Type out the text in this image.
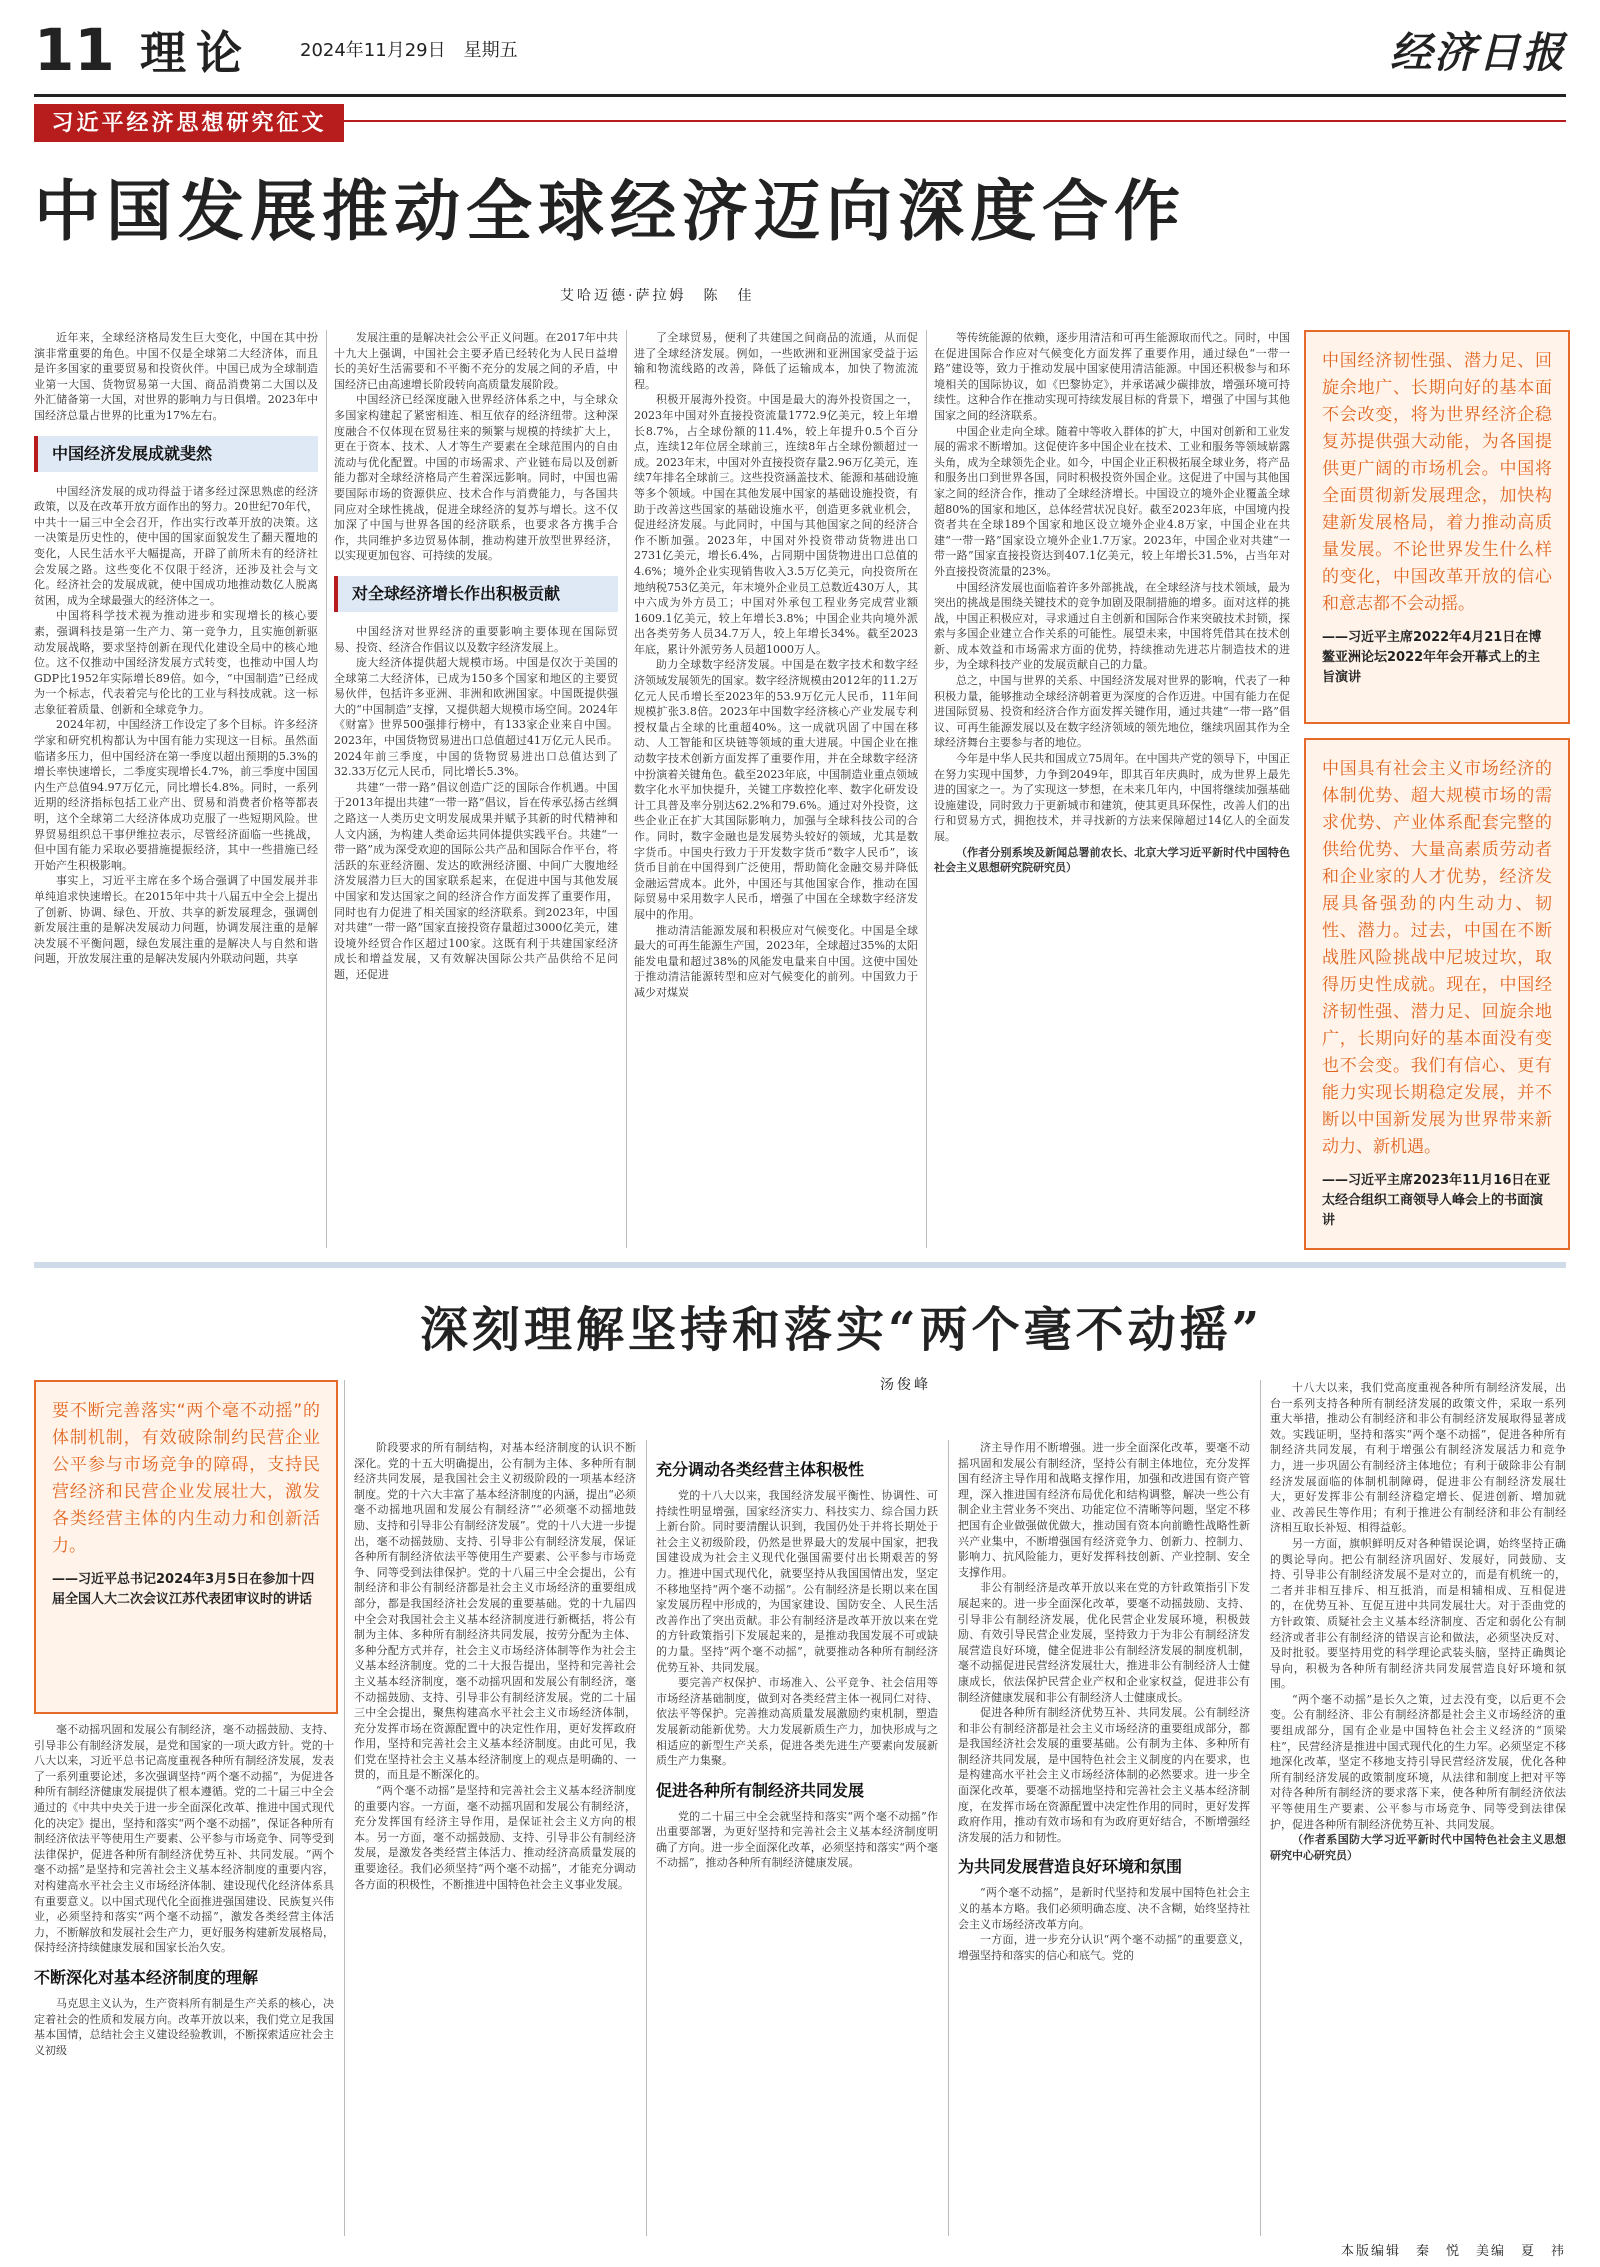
11 理论	2024年11月29日　星期五	经济日报
习近平经济思想研究征文
中国发展推动全球经济迈向深度合作
艾哈迈德·萨拉姆　陈　佳

近年来，全球经济格局发生巨大变化，中国在其中扮演非常重要的角色。中国不仅是全球第二大经济体，而且是许多国家的重要贸易和投资伙伴。中国已成为全球制造业第一大国、货物贸易第一大国、商品消费第二大国以及外汇储备第一大国，对世界的影响力与日俱增。2023年中国经济总量占世界的比重为17%左右。

中国经济发展成就斐然

中国经济发展的成功得益于诸多经过深思熟虑的经济政策，以及在改革开放方面作出的努力。20世纪70年代，中共十一届三中全会召开，作出实行改革开放的决策。这一决策是历史性的，使中国的国家面貌发生了翻天覆地的变化，人民生活水平大幅提高，开辟了前所未有的经济社会发展之路。这些变化不仅限于经济，还涉及社会与文化。经济社会的发展成就，使中国成功地推动数亿人脱离贫困，成为全球最强大的经济体之一。

中国将科学技术视为推动进步和实现增长的核心要素，强调科技是第一生产力、第一竞争力，且实施创新驱动发展战略，要求坚持创新在现代化建设全局中的核心地位。这不仅推动中国经济发展方式转变，也推动中国人均GDP比1952年实际增长89倍。如今，“中国制造”已经成为一个标志，代表着完与伦比的工业与科技成就。这一标志象征着质量、创新和全球竞争力。

2024年初，中国经济工作设定了多个目标。许多经济学家和研究机构都认为中国有能力实现这一目标。虽然面临诸多压力，但中国经济在第一季度以超出预期的5.3%的增长率快速增长，二季度实现增长4.7%，前三季度中国国内生产总值94.97万亿元，同比增长4.8%。同时，一系列近期的经济指标包括工业产出、贸易和消费者价格等都表明，这个全球第二大经济体成功克服了一些短期风险。世界贸易组织总干事伊维拉表示，尽管经济面临一些挑战，但中国有能力采取必要措施提振经济，其中一些措施已经开始产生积极影响。

事实上，习近平主席在多个场合强调了中国发展并非单纯追求快速增长。在2015年中共十八届五中全会上提出了创新、协调、绿色、开放、共享的新发展理念，强调创新发展注重的是解决发展动力问题，协调发展注重的是解决发展不平衡问题，绿色发展注重的是解决人与自然和谐问题，开放发展注重的是解决发展内外联动问题，共享

发展注重的是解决社会公平正义问题。在2017年中共十九大上强调，中国社会主要矛盾已经转化为人民日益增长的美好生活需要和不平衡不充分的发展之间的矛盾，中国经济已由高速增长阶段转向高质量发展阶段。

中国经济已经深度融入世界经济体系之中，与全球众多国家构建起了紧密相连、相互依存的经济纽带。这种深度融合不仅体现在贸易往来的频繁与规模的持续扩大上，更在于资本、技术、人才等生产要素在全球范围内的自由流动与优化配置。中国的市场需求、产业链布局以及创新能力都对全球经济格局产生着深远影响。同时，中国也需要国际市场的资源供应、技术合作与消费能力，与各国共同应对全球性挑战，促进全球经济的复苏与增长。这不仅加深了中国与世界各国的经济联系，也要求各方携手合作，共同维护多边贸易体制，推动构建开放型世界经济，以实现更加包容、可持续的发展。

对全球经济增长作出积极贡献

中国经济对世界经济的重要影响主要体现在国际贸易、投资、经济合作倡议以及数字经济发展上。

庞大经济体提供超大规模市场。中国是仅次于美国的全球第二大经济体，已成为150多个国家和地区的主要贸易伙伴，包括许多亚洲、非洲和欧洲国家。中国既提供强大的“中国制造”支撑，又提供超大规模市场空间。2024年《财富》世界500强排行榜中，有133家企业来自中国。2023年，中国货物贸易进出口总值超过41万亿元人民币。2024年前三季度，中国的货物贸易进出口总值达到了32.33万亿元人民币，同比增长5.3%。

共建“一带一路”倡议创造广泛的国际合作机遇。中国于2013年提出共建“一带一路”倡议，旨在传承弘扬古丝绸之路这一人类历史文明发展成果并赋予其新的时代精神和人文内涵，为构建人类命运共同体提供实践平台。共建“一带一路”成为深受欢迎的国际公共产品和国际合作平台，将活跃的东亚经济圈、发达的欧洲经济圈、中间广大腹地经济发展潜力巨大的国家联系起来，在促进中国与其他发展中国家和发达国家之间的经济合作方面发挥了重要作用，同时也有力促进了相关国家的经济联系。到2023年，中国对共建“一带一路”国家直接投资存量超过3000亿美元，建设境外经贸合作区超过100家。这既有利于共建国家经济成长和增益发展，又有效解决国际公共产品供给不足问题，还促进

了全球贸易，便利了共建国之间商品的流通，从而促进了全球经济发展。例如，一些欧洲和亚洲国家受益于运输和物流线路的改善，降低了运输成本，加快了物流流程。

积极开展海外投资。中国是最大的海外投资国之一，2023年中国对外直接投资流量1772.9亿美元，较上年增长8.7%，占全球份额的11.4%，较上年提升0.5个百分点，连续12年位居全球前三，连续8年占全球份额超过一成。2023年末，中国对外直接投资存量2.96万亿美元，连续7年排名全球前三。这些投资涵盖技术、能源和基础设施等多个领域。中国在其他发展中国家的基础设施投资，有助于改善这些国家的基础设施水平，创造更多就业机会，促进经济发展。与此同时，中国与其他国家之间的经济合作不断加强。2023年，中国对外投资带动货物进出口2731亿美元，增长6.4%，占同期中国货物进出口总值的4.6%；境外企业实现销售收入3.5万亿美元，向投资所在地纳税753亿美元，年末境外企业员工总数近430万人，其中六成为外方员工；中国对外承包工程业务完成营业额1609.1亿美元，较上年增长3.8%；中国企业共向境外派出各类劳务人员34.7万人，较上年增长34%。截至2023年底，累计外派劳务人员超1000万人。

助力全球数字经济发展。中国是在数字技术和数字经济领域发展领先的国家。数字经济规模由2012年的11.2万亿元人民币增长至2023年的53.9万亿元人民币，11年间规模扩张3.8倍。2023年中国数字经济核心产业发展专利授权量占全球的比重超40%。这一成就巩固了中国在移动、人工智能和区块链等领域的重大进展。中国企业在推动数字技术创新方面发挥了重要作用，并在全球数字经济中扮演着关键角色。截至2023年底，中国制造业重点领域数字化水平加快提升，关键工序数控化率、数字化研发设计工具普及率分别达62.2%和79.6%。通过对外投资，这些企业正在扩大其国际影响力，加强与全球科技公司的合作。同时，数字金融也是发展势头较好的领域，尤其是数字货币。中国央行致力于开发数字货币“数字人民币”，该货币目前在中国得到广泛使用，帮助简化金融交易并降低金融运营成本。此外，中国还与其他国家合作，推动在国际贸易中采用数字人民币，增强了中国在全球数字经济发展中的作用。

推动清洁能源发展和积极应对气候变化。中国是全球最大的可再生能源生产国，2023年，全球超过35%的太阳能发电量和超过38%的风能发电量来自中国。这使中国处于推动清洁能源转型和应对气候变化的前列。中国致力于减少对煤炭

等传统能源的依赖，逐步用清洁和可再生能源取而代之。同时，中国在促进国际合作应对气候变化方面发挥了重要作用，通过绿色“一带一路”建设等，致力于推动发展中国家使用清洁能源。中国还积极参与和环境相关的国际协议，如《巴黎协定》，并承诺减少碳排放，增强环境可持续性。这种合作在推动实现可持续发展目标的背景下，增强了中国与其他国家之间的经济联系。

中国企业走向全球。随着中等收入群体的扩大，中国对创新和工业发展的需求不断增加。这促使许多中国企业在技术、工业和服务等领域崭露头角，成为全球领先企业。如今，中国企业正积极拓展全球业务，将产品和服务出口到世界各国，同时积极投资外国企业。这促进了中国与其他国家之间的经济合作，推动了全球经济增长。中国设立的境外企业覆盖全球超80%的国家和地区，总体经营状况良好。截至2023年底，中国境内投资者共在全球189个国家和地区设立境外企业4.8万家，中国企业在共建“一带一路”国家设立境外企业1.7万家。2023年，中国企业对共建“一带一路”国家直接投资达到407.1亿美元，较上年增长31.5%，占当年对外直接投资流量的23%。

中国经济发展也面临着许多外部挑战，在全球经济与技术领域，最为突出的挑战是围绕关键技术的竞争加剧及限制措施的增多。面对这样的挑战，中国正积极应对，寻求通过自主创新和国际合作来突破技术封锁，探索与多国企业建立合作关系的可能性。展望未来，中国将凭借其在技术创新、成本效益和市场需求方面的优势，持续推动先进芯片制造技术的进步，为全球科技产业的发展贡献自己的力量。

总之，中国与世界的关系、中国经济发展对世界的影响，代表了一种积极力量，能够推动全球经济朝着更为深度的合作迈进。中国有能力在促进国际贸易、投资和经济合作方面发挥关键作用，通过共建“一带一路”倡议、可再生能源发展以及在数字经济领域的领先地位，继续巩固其作为全球经济舞台主要参与者的地位。

今年是中华人民共和国成立75周年。在中国共产党的领导下，中国正在努力实现中国梦，力争到2049年，即其百年庆典时，成为世界上最先进的国家之一。为了实现这一梦想，在未来几年内，中国将继续加强基础设施建设，同时致力于更新城市和建筑，使其更具环保性，改善人们的出行和贸易方式，拥抱技术，并寻找新的方法来保障超过14亿人的全面发展。

（作者分别系埃及新闻总署前农长、北京大学习近平新时代中国特色社会主义思想研究院研究员）

中国经济韧性强、潜力足、回旋余地广、长期向好的基本面不会改变，将为世界经济企稳复苏提供强大动能，为各国提供更广阔的市场机会。中国将全面贯彻新发展理念，加快构建新发展格局，着力推动高质量发展。不论世界发生什么样的变化，中国改革开放的信心和意志都不会动摇。
——习近平主席2022年4月21日在博鳌亚洲论坛2022年年会开幕式上的主旨演讲
中国具有社会主义市场经济的体制优势、超大规模市场的需求优势、产业体系配套完整的供给优势、大量高素质劳动者和企业家的人才优势，经济发展具备强劲的内生动力、韧性、潜力。过去，中国在不断战胜风险挑战中尼坡过坎，取得历史性成就。现在，中国经济韧性强、潜力足、回旋余地广，长期向好的基本面没有变也不会变。我们有信心、更有能力实现长期稳定发展，并不断以中国新发展为世界带来新动力、新机遇。
——习近平主席2023年11月16日在亚太经合组织工商领导人峰会上的书面演讲
深刻理解坚持和落实“两个毫不动摇”
汤俊峰
要不断完善落实“两个毫不动摇”的体制机制，有效破除制约民营企业公平参与市场竞争的障碍，支持民营经济和民营企业发展壮大，激发各类经营主体的内生动力和创新活力。
——习近平总书记2024年3月5日在参加十四届全国人大二次会议江苏代表团审议时的讲话

毫不动摇巩固和发展公有制经济，毫不动摇鼓励、支持、引导非公有制经济发展，是党和国家的一项大政方针。党的十八大以来，习近平总书记高度重视各种所有制经济发展，发表了一系列重要论述，多次强调坚持“两个毫不动摇”，为促进各种所有制经济健康发展提供了根本遵循。党的二十届三中全会通过的《中共中央关于进一步全面深化改革、推进中国式现代化的决定》提出，坚持和落实“两个毫不动摇”，保证各种所有制经济依法平等使用生产要素、公平参与市场竞争、同等受到法律保护，促进各种所有制经济优势互补、共同发展。“两个毫不动摇”是坚持和完善社会主义基本经济制度的重要内容，对构建高水平社会主义市场经济体制、建设现代化经济体系具有重要意义。以中国式现代化全面推进强国建设、民族复兴伟业，必须坚持和落实“两个毫不动摇”，激发各类经营主体活力，不断解放和发展社会生产力，更好服务构建新发展格局，保持经济持续健康发展和国家长治久安。

不断深化对基本经济制度的理解

马克思主义认为，生产资料所有制是生产关系的核心，决定着社会的性质和发展方向。改革开放以来，我们党立足我国基本国情，总结社会主义建设经验教训，不断探索适应社会主义初级

阶段要求的所有制结构，对基本经济制度的认识不断深化。党的十五大明确提出，公有制为主体、多种所有制经济共同发展，是我国社会主义初级阶段的一项基本经济制度。党的十六大丰富了基本经济制度的内涵，提出“必须毫不动摇地巩固和发展公有制经济”“必须毫不动摇地鼓励、支持和引导非公有制经济发展”。党的十八大进一步提出，毫不动摇鼓励、支持、引导非公有制经济发展，保证各种所有制经济依法平等使用生产要素、公平参与市场竞争、同等受到法律保护。党的十八届三中全会提出，公有制经济和非公有制经济都是社会主义市场经济的重要组成部分，都是我国经济社会发展的重要基础。党的十九届四中全会对我国社会主义基本经济制度进行新概括，将公有制为主体、多种所有制经济共同发展，按劳分配为主体、多种分配方式并存，社会主义市场经济体制等作为社会主义基本经济制度。党的二十大报告提出，坚持和完善社会主义基本经济制度，毫不动摇巩固和发展公有制经济，毫不动摇鼓励、支持、引导非公有制经济发展。党的二十届三中全会提出，聚焦构建高水平社会主义市场经济体制，充分发挥市场在资源配置中的决定性作用，更好发挥政府作用，坚持和完善社会主义基本经济制度。由此可见，我们党在坚持社会主义基本经济制度上的观点是明确的、一贯的，而且是不断深化的。

“两个毫不动摇”是坚持和完善社会主义基本经济制度的重要内容。一方面，毫不动摇巩固和发展公有制经济，充分发挥国有经济主导作用，是保证社会主义方向的根本。另一方面，毫不动摇鼓励、支持、引导非公有制经济发展，是激发各类经营主体活力、推动经济高质量发展的重要途径。我们必须坚持“两个毫不动摇”，才能充分调动各方面的积极性，不断推进中国特色社会主义事业发展。

充分调动各类经营主体积极性

党的十八大以来，我国经济发展平衡性、协调性、可持续性明显增强，国家经济实力、科技实力、综合国力跃上新台阶。同时要清醒认识到，我国仍处于并将长期处于社会主义初级阶段，仍然是世界最大的发展中国家，把我国建设成为社会主义现代化强国需要付出长期艰苦的努力。推进中国式现代化，就要坚持从我国国情出发，坚定不移地坚持“两个毫不动摇”。公有制经济是长期以来在国家发展历程中形成的，为国家建设、国防安全、人民生活改善作出了突出贡献。非公有制经济是改革开放以来在党的方针政策指引下发展起来的，是推动我国发展不可或缺的力量。坚持“两个毫不动摇”，就要推动各种所有制经济优势互补、共同发展。

要完善产权保护、市场准入、公平竞争、社会信用等市场经济基础制度，做到对各类经营主体一视同仁对待、依法平等保护。完善推动高质量发展激励约束机制，塑造发展新动能新优势。大力发展新质生产力，加快形成与之相适应的新型生产关系，促进各类先进生产要素向发展新质生产力集聚。

促进各种所有制经济共同发展

党的二十届三中全会就坚持和落实“两个毫不动摇”作出重要部署，为更好坚持和完善社会主义基本经济制度明确了方向。进一步全面深化改革，必须坚持和落实“两个毫不动摇”，推动各种所有制经济健康发展。

济主导作用不断增强。进一步全面深化改革，要毫不动摇巩固和发展公有制经济，坚持公有制主体地位，充分发挥国有经济主导作用和战略支撑作用，加强和改进国有资产管理，深入推进国有经济布局优化和结构调整，解决一些公有制企业主营业务不突出、功能定位不清晰等问题，坚定不移把国有企业做强做优做大，推动国有资本向前瞻性战略性新兴产业集中，不断增强国有经济竞争力、创新力、控制力、影响力、抗风险能力，更好发挥科技创新、产业控制、安全支撑作用。

非公有制经济是改革开放以来在党的方针政策指引下发展起来的。进一步全面深化改革，要毫不动摇鼓励、支持、引导非公有制经济发展，优化民营企业发展环境，积极鼓励、有效引导民营企业发展，坚持致力于为非公有制经济发展营造良好环境，健全促进非公有制经济发展的制度机制，毫不动摇促进民营经济发展壮大，推进非公有制经济人士健康成长，依法保护民营企业产权和企业家权益，促进非公有制经济健康发展和非公有制经济人士健康成长。

促进各种所有制经济优势互补、共同发展。公有制经济和非公有制经济都是社会主义市场经济的重要组成部分，都是我国经济社会发展的重要基础。公有制为主体、多种所有制经济共同发展，是中国特色社会主义制度的内在要求，也是构建高水平社会主义市场经济体制的必然要求。进一步全面深化改革，要毫不动摇地坚持和完善社会主义基本经济制度，在发挥市场在资源配置中决定性作用的同时，更好发挥政府作用，推动有效市场和有为政府更好结合，不断增强经济发展的活力和韧性。

为共同发展营造良好环境和氛围

“两个毫不动摇”，是新时代坚持和发展中国特色社会主义的基本方略。我们必须明确态度、决不含糊，始终坚持社会主义市场经济改革方向。

一方面，进一步充分认识“两个毫不动摇”的重要意义，增强坚持和落实的信心和底气。党的

十八大以来，我们党高度重视各种所有制经济发展，出台一系列支持各种所有制经济发展的政策文件，采取一系列重大举措，推动公有制经济和非公有制经济发展取得显著成效。实践证明，坚持和落实“两个毫不动摇”，促进各种所有制经济共同发展，有利于增强公有制经济发展活力和竞争力，进一步巩固公有制经济主体地位；有利于破除非公有制经济发展面临的体制机制障碍，促进非公有制经济发展壮大，更好发挥非公有制经济稳定增长、促进创新、增加就业、改善民生等作用；有利于推进公有制经济和非公有制经济相互取长补短、相得益彰。

另一方面，旗帜鲜明反对各种错误论调，始终坚持正确的舆论导向。把公有制经济巩固好、发展好，同鼓励、支持、引导非公有制经济发展不是对立的，而是有机统一的，二者并非相互排斥、相互抵消，而是相辅相成、互相促进的，在优势互补、互促互进中共同发展壮大。对于歪曲党的方针政策、质疑社会主义基本经济制度、否定和弱化公有制经济或者非公有制经济的错误言论和做法，必须坚决反对、及时批驳。要坚持用党的科学理论武装头脑，坚持正确舆论导向，积极为各种所有制经济共同发展营造良好环境和氛围。

“两个毫不动摇”是长久之策，过去没有变，以后更不会变。公有制经济、非公有制经济都是社会主义市场经济的重要组成部分，国有企业是中国特色社会主义经济的“顶梁柱”，民营经济是推进中国式现代化的生力军。必须坚定不移地深化改革，坚定不移地支持引导民营经济发展，优化各种所有制经济发展的政策制度环境，从法律和制度上把对平等对待各种所有制经济的要求落下来，使各种所有制经济依法平等使用生产要素、公平参与市场竞争、同等受到法律保护，促进各种所有制经济优势互补、共同发展。

（作者系国防大学习近平新时代中国特色社会主义思想研究中心研究员）

本版编辑　秦　悦　美编　夏　祎
